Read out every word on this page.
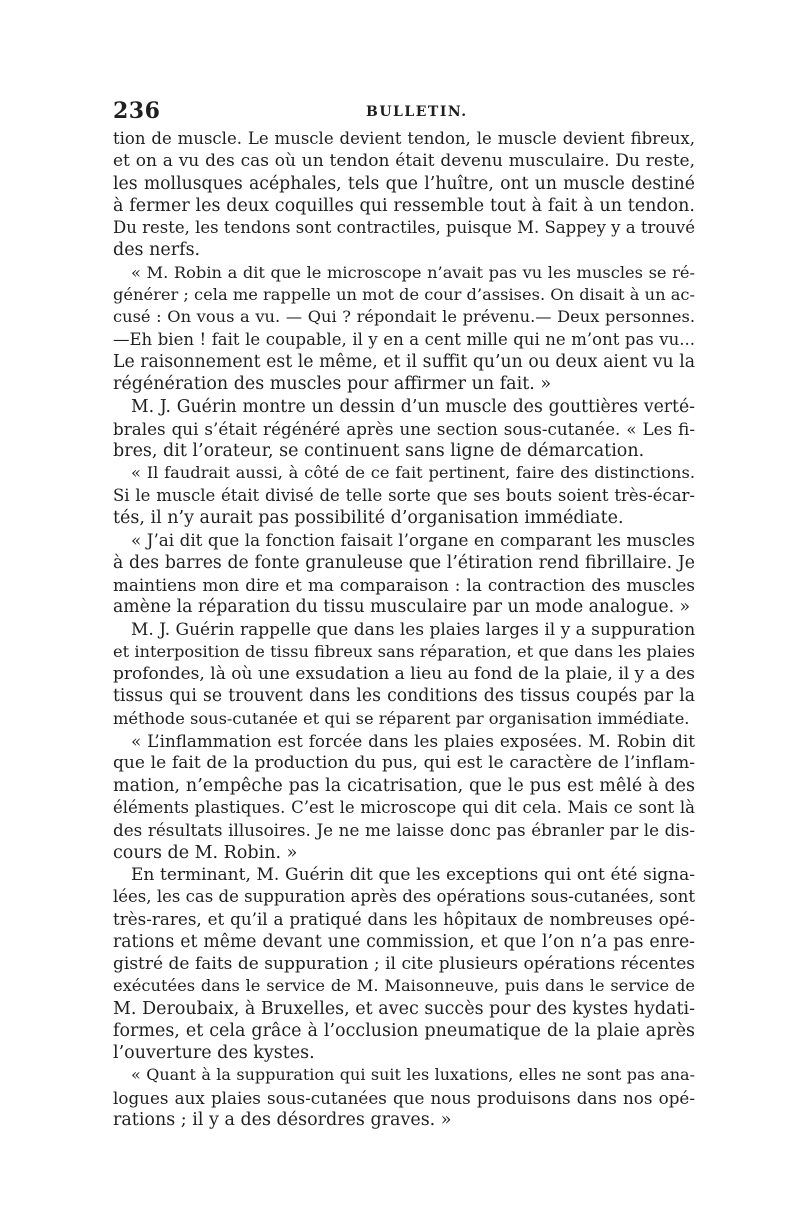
236	BULLETIN.
tion de muscle. Le muscle devient tendon, le muscle devient fibreux,
et on a vu des cas où un tendon était devenu musculaire. Du reste,
les mollusques acéphales, tels que l’huître, ont un muscle destiné
à fermer les deux coquilles qui ressemble tout à fait à un tendon.
Du reste, les tendons sont contractiles, puisque M. Sappey y a trouvé
des nerfs.
« M. Robin a dit que le microscope n’avait pas vu les muscles se ré-
générer ; cela me rappelle un mot de cour d’assises. On disait à un ac-
cusé : On vous a vu. — Qui ? répondait le prévenu.— Deux personnes.
—Eh bien ! fait le coupable, il y en a cent mille qui ne m’ont pas vu...
Le raisonnement est le même, et il suffit qu’un ou deux aient vu la
régénération des muscles pour affirmer un fait. »
M. J. Guérin montre un dessin d’un muscle des gouttières verté-
brales qui s’était régénéré après une section sous-cutanée. « Les fi-
bres, dit l’orateur, se continuent sans ligne de démarcation.
« Il faudrait aussi, à côté de ce fait pertinent, faire des distinctions.
Si le muscle était divisé de telle sorte que ses bouts soient très-écar-
tés, il n’y aurait pas possibilité d’organisation immédiate.
« J’ai dit que la fonction faisait l’organe en comparant les muscles
à des barres de fonte granuleuse que l’étiration rend fibrillaire. Je
maintiens mon dire et ma comparaison : la contraction des muscles
amène la réparation du tissu musculaire par un mode analogue. »
M. J. Guérin rappelle que dans les plaies larges il y a suppuration
et interposition de tissu fibreux sans réparation, et que dans les plaies
profondes, là où une exsudation a lieu au fond de la plaie, il y a des
tissus qui se trouvent dans les conditions des tissus coupés par la
méthode sous-cutanée et qui se réparent par organisation immédiate.
« L’inflammation est forcée dans les plaies exposées. M. Robin dit
que le fait de la production du pus, qui est le caractère de l’inflam-
mation, n’empêche pas la cicatrisation, que le pus est mêlé à des
éléments plastiques. C’est le microscope qui dit cela. Mais ce sont là
des résultats illusoires. Je ne me laisse donc pas ébranler par le dis-
cours de M. Robin. »
En terminant, M. Guérin dit que les exceptions qui ont été signa-
lées, les cas de suppuration après des opérations sous-cutanées, sont
très-rares, et qu’il a pratiqué dans les hôpitaux de nombreuses opé-
rations et même devant une commission, et que l’on n’a pas enre-
gistré de faits de suppuration ; il cite plusieurs opérations récentes
exécutées dans le service de M. Maisonneuve, puis dans le service de
M. Deroubaix, à Bruxelles, et avec succès pour des kystes hydati-
formes, et cela grâce à l’occlusion pneumatique de la plaie après
l’ouverture des kystes.
« Quant à la suppuration qui suit les luxations, elles ne sont pas ana-
logues aux plaies sous-cutanées que nous produisons dans nos opé-
rations ; il y a des désordres graves. »
